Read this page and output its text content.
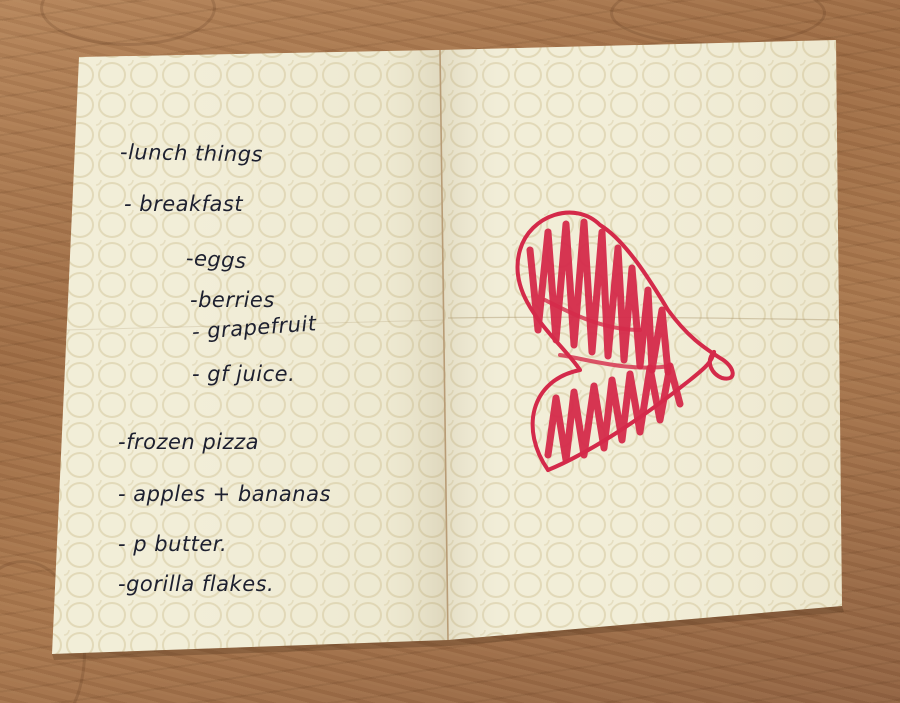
-lunch things
- breakfast
-eggs
-berries
- grapefruit
- gf juice.
-frozen pizza
- apples + bananas
- p butter.
-gorilla flakes.
